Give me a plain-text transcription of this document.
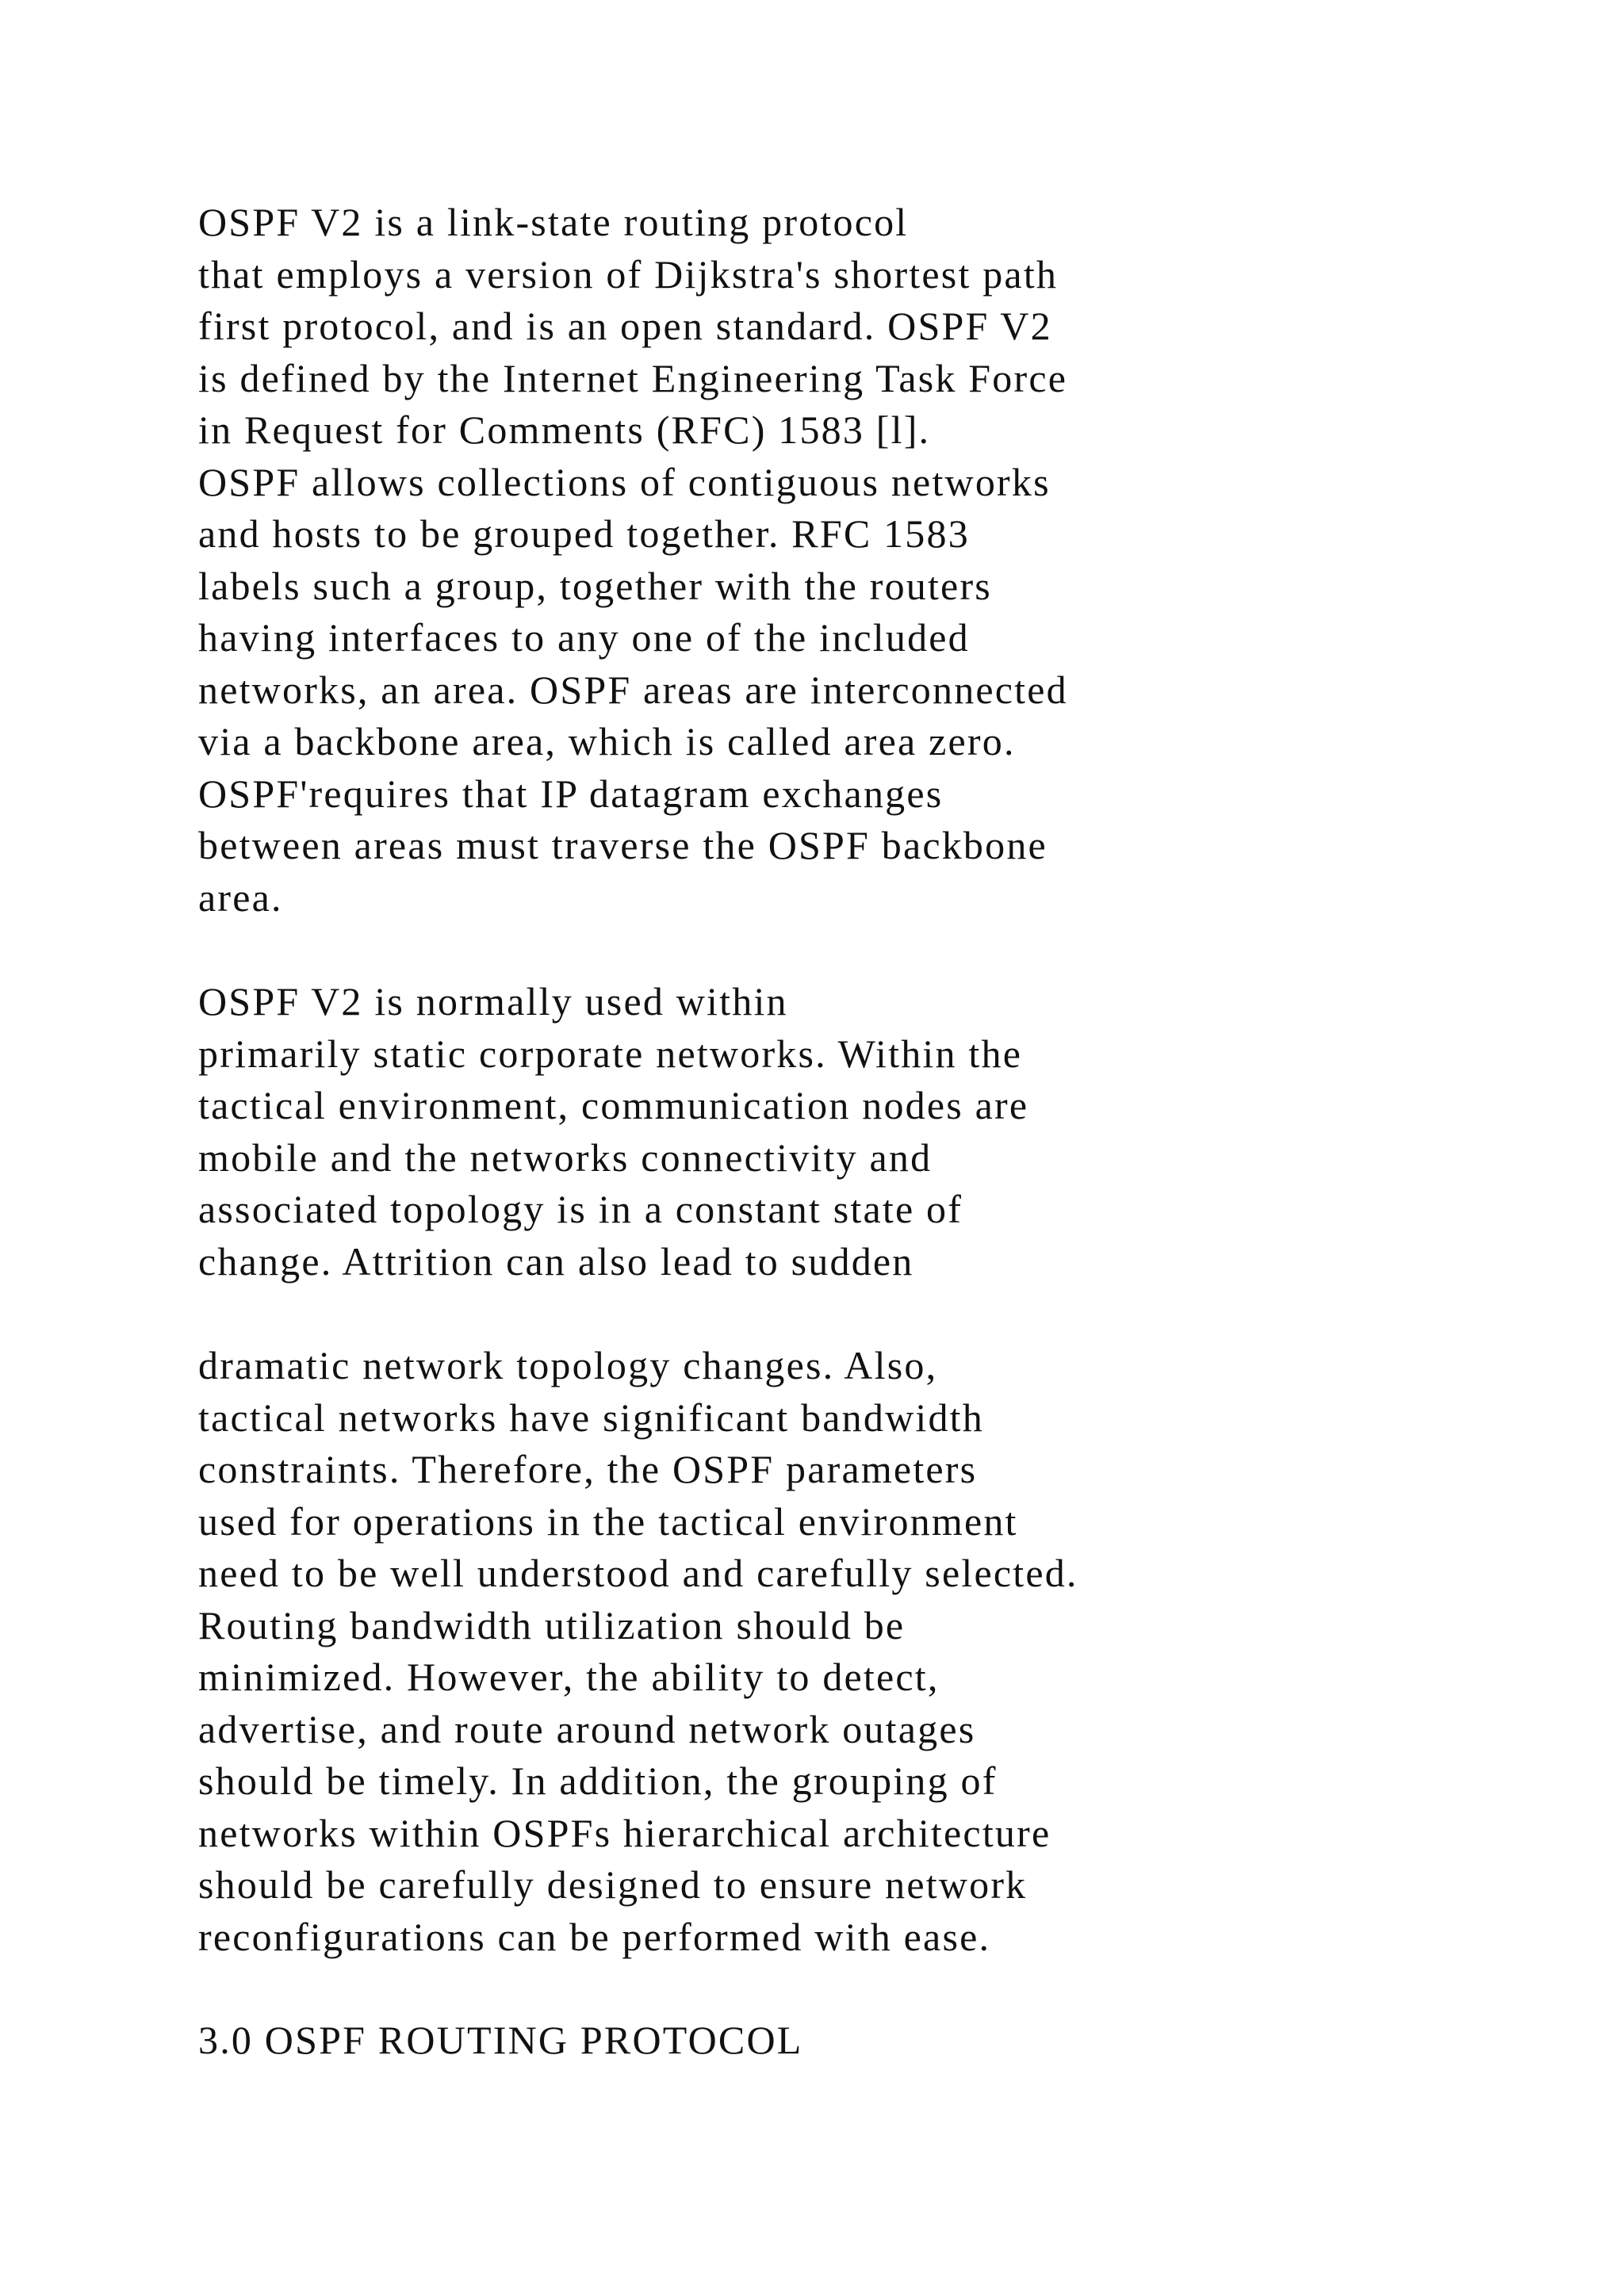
OSPF V2 is a link-state routing protocol
that employs a version of Dijkstra's shortest path
first protocol, and is an open standard. OSPF V2
is defined by the Internet Engineering Task Force
in Request for Comments (RFC) 1583 [l].
OSPF allows collections of contiguous networks
and hosts to be grouped together. RFC 1583
labels such a group, together with the routers
having interfaces to any one of the included
networks, an area. OSPF areas are interconnected
via a backbone area, which is called area zero.
OSPF'requires that IP datagram exchanges
between areas must traverse the OSPF backbone
area.

OSPF V2 is normally used within
primarily static corporate networks. Within the
tactical environment, communication nodes are
mobile and the networks connectivity and
associated topology is in a constant state of
change. Attrition can also lead to sudden

dramatic network topology changes. Also,
tactical networks have significant bandwidth
constraints. Therefore, the OSPF parameters
used for operations in the tactical environment
need to be well understood and carefully selected.
Routing bandwidth utilization should be
minimized. However, the ability to detect,
advertise, and route around network outages
should be timely. In addition, the grouping of
networks within OSPFs hierarchical architecture
should be carefully designed to ensure network
reconfigurations can be performed with ease.

3.0 OSPF ROUTING PROTOCOL
